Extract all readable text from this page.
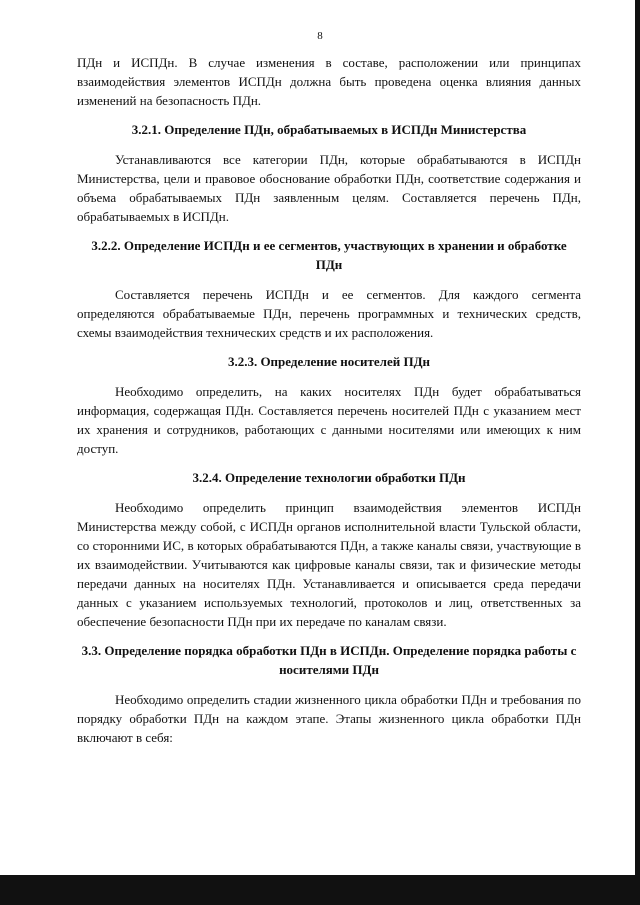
8

ПДн и ИСПДн. В случае изменения в составе, расположении или принципах взаимодействия элементов ИСПДн должна быть проведена оценка влияния данных изменений на безопасность ПДн.

3.2.1. Определение ПДн, обрабатываемых в ИСПДн Министерства

Устанавливаются все категории ПДн, которые обрабатываются в ИСПДн Министерства, цели и правовое обоснование обработки ПДн, соответствие содержания и объема обрабатываемых ПДн заявленным целям. Составляется перечень ПДн, обрабатываемых в ИСПДн.

3.2.2. Определение ИСПДн и ее сегментов, участвующих в хранении и обработке ПДн

Составляется перечень ИСПДн и ее сегментов. Для каждого сегмента определяются обрабатываемые ПДн, перечень программных и технических средств, схемы взаимодействия технических средств и их расположения.

3.2.3. Определение носителей ПДн

Необходимо определить, на каких носителях ПДн будет обрабатываться информация, содержащая ПДн. Составляется перечень носителей ПДн с указанием мест их хранения и сотрудников, работающих с данными носителями или имеющих к ним доступ.

3.2.4. Определение технологии обработки ПДн

Необходимо определить принцип взаимодействия элементов ИСПДн Министерства между собой, с ИСПДн органов исполнительной власти Тульской области, со сторонними ИС, в которых обрабатываются ПДн, а также каналы связи, участвующие в их взаимодействии. Учитываются как цифровые каналы связи, так и физические методы передачи данных на носителях ПДн. Устанавливается и описывается среда передачи данных с указанием используемых технологий, протоколов и лиц, ответственных за обеспечение безопасности ПДн при их передаче по каналам связи.

3.3. Определение порядка обработки ПДн в ИСПДн. Определение порядка работы с носителями ПДн

Необходимо определить стадии жизненного цикла обработки ПДн и требования по порядку обработки ПДн на каждом этапе. Этапы жизненного цикла обработки ПДн включают в себя:
